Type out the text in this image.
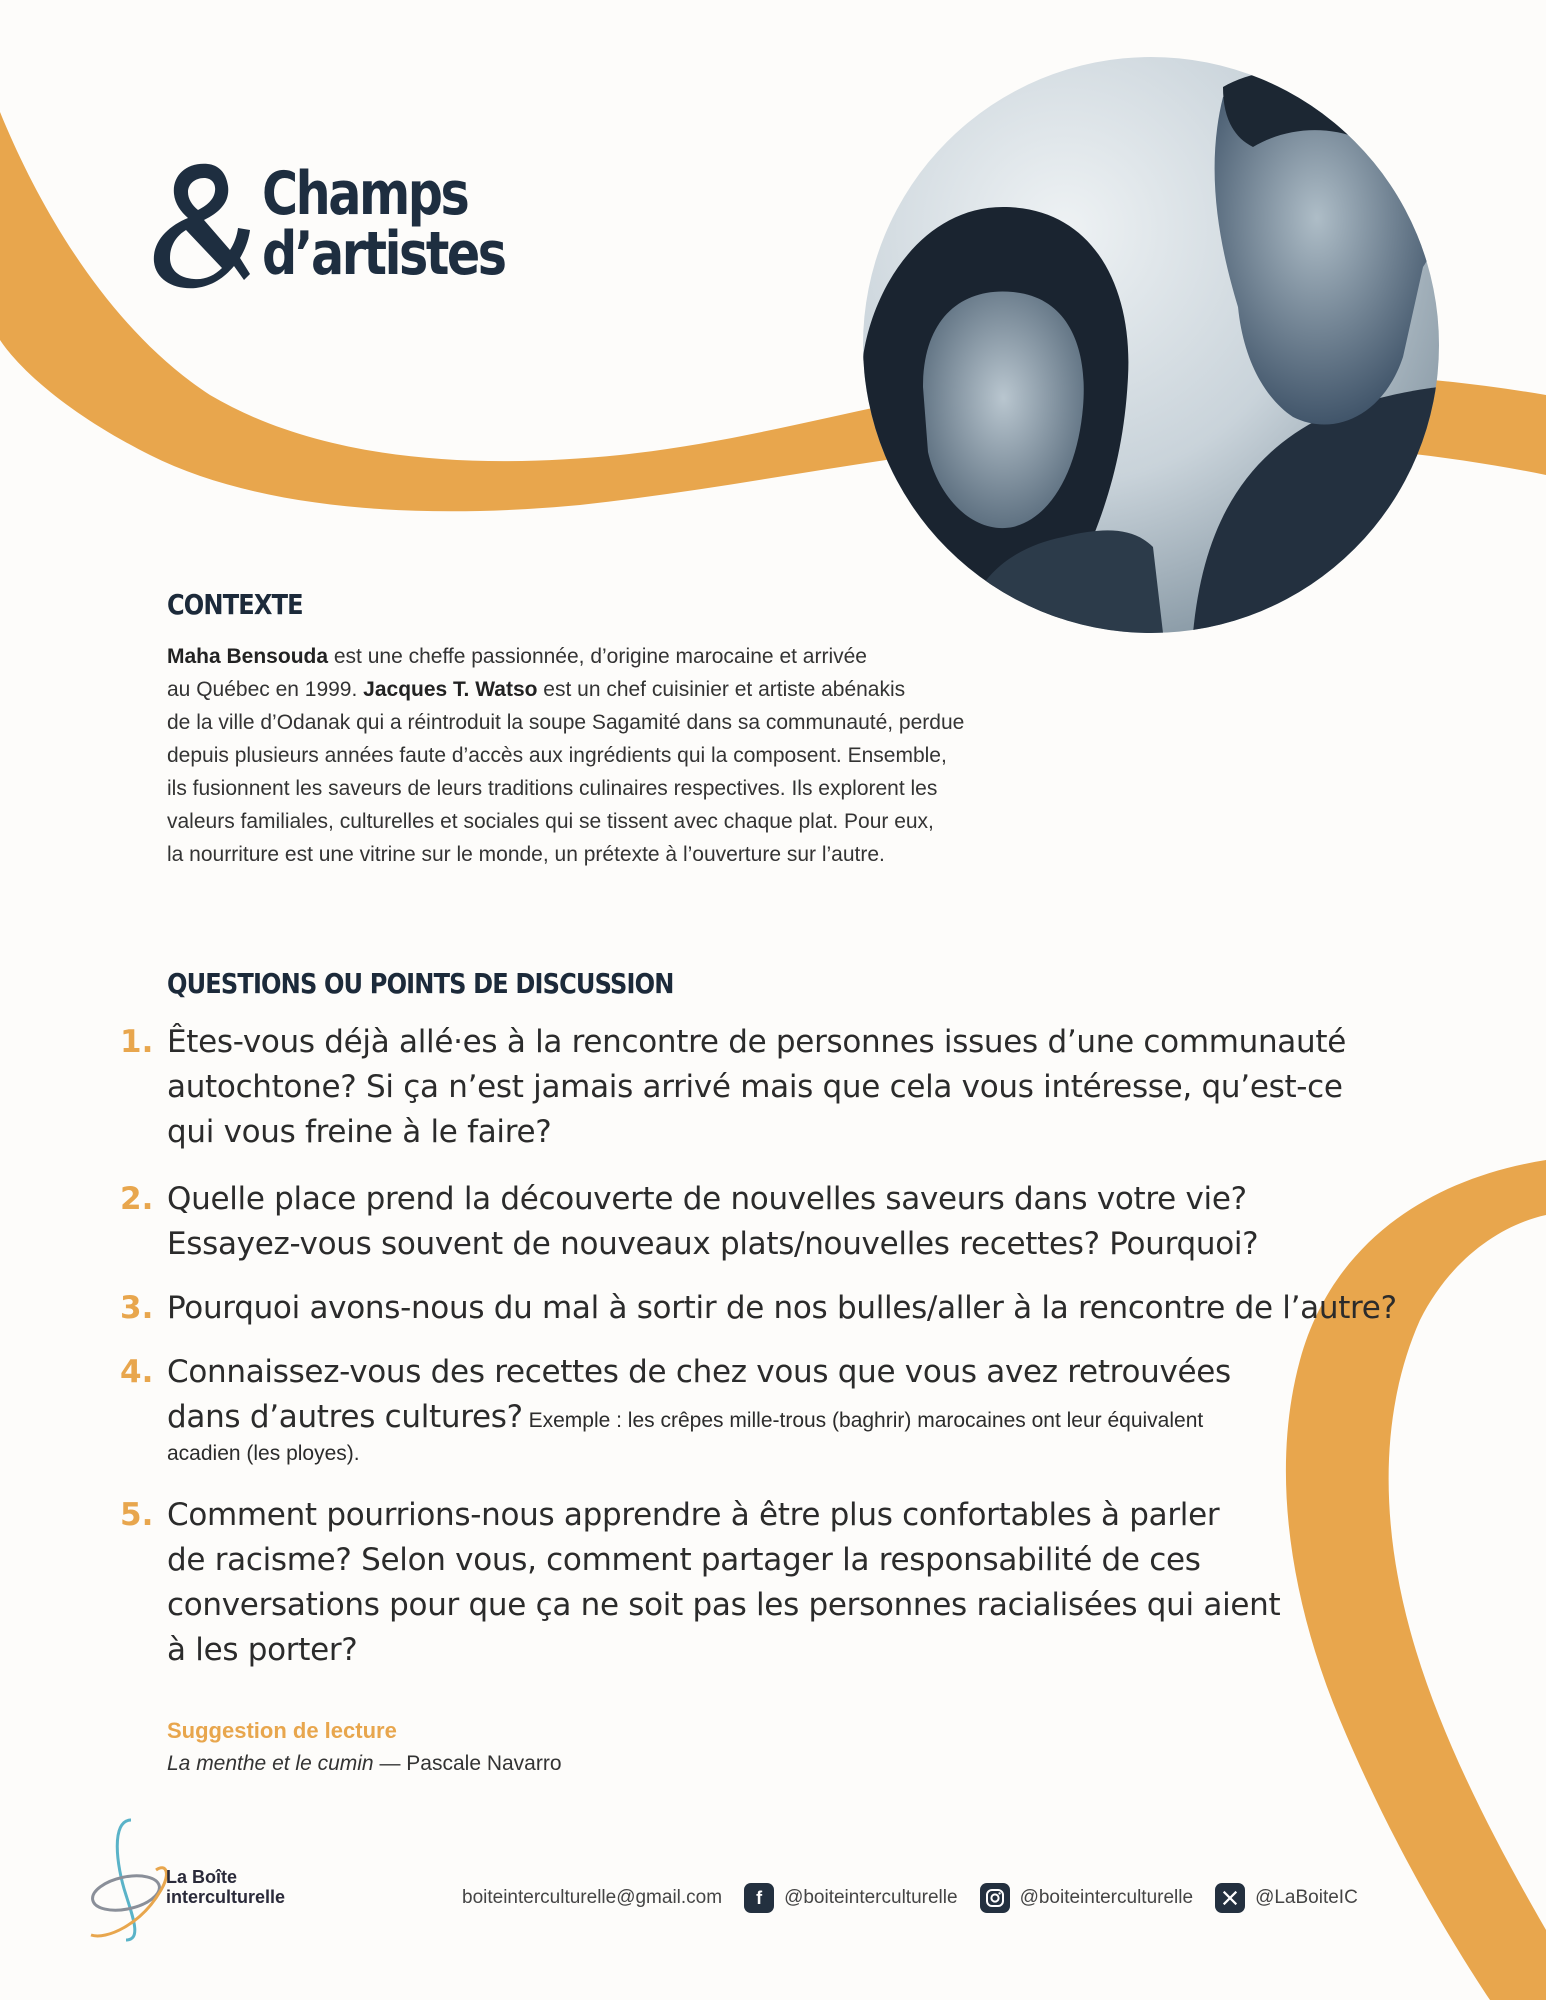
Champs
d’artistes
CONTEXTE
Maha Bensouda est une cheffe passionnée, d’origine marocaine et arrivée
au Québec en 1999. Jacques T. Watso est un chef cuisinier et artiste abénakis
de la ville d’Odanak qui a réintroduit la soupe Sagamité dans sa communauté, perdue
depuis plusieurs années faute d’accès aux ingrédients qui la composent. Ensemble,
ils fusionnent les saveurs de leurs traditions culinaires respectives. Ils explorent les
valeurs familiales, culturelles et sociales qui se tissent avec chaque plat. Pour eux,
la nourriture est une vitrine sur le monde, un prétexte à l’ouverture sur l’autre.
QUESTIONS OU POINTS DE DISCUSSION
1. Êtes-vous déjà allé·es à la rencontre de personnes issues d’une communauté
autochtone? Si ça n’est jamais arrivé mais que cela vous intéresse, qu’est-ce
qui vous freine à le faire?
2. Quelle place prend la découverte de nouvelles saveurs dans votre vie?
Essayez-vous souvent de nouveaux plats/nouvelles recettes? Pourquoi?
3. Pourquoi avons-nous du mal à sortir de nos bulles/aller à la rencontre de l’autre?
4. Connaissez-vous des recettes de chez vous que vous avez retrouvées
dans d’autres cultures? Exemple : les crêpes mille-trous (baghrir) marocaines ont leur équivalent
acadien (les ployes).
5. Comment pourrions-nous apprendre à être plus confortables à parler
de racisme? Selon vous, comment partager la responsabilité de ces
conversations pour que ça ne soit pas les personnes racialisées qui aient
à les porter?
Suggestion de lecture
La menthe et le cumin — Pascale Navarro
La Boîte
interculturelle	boiteinterculturelle@gmail.com	f	@boiteinterculturelle	@boiteinterculturelle	@LaBoiteIC
